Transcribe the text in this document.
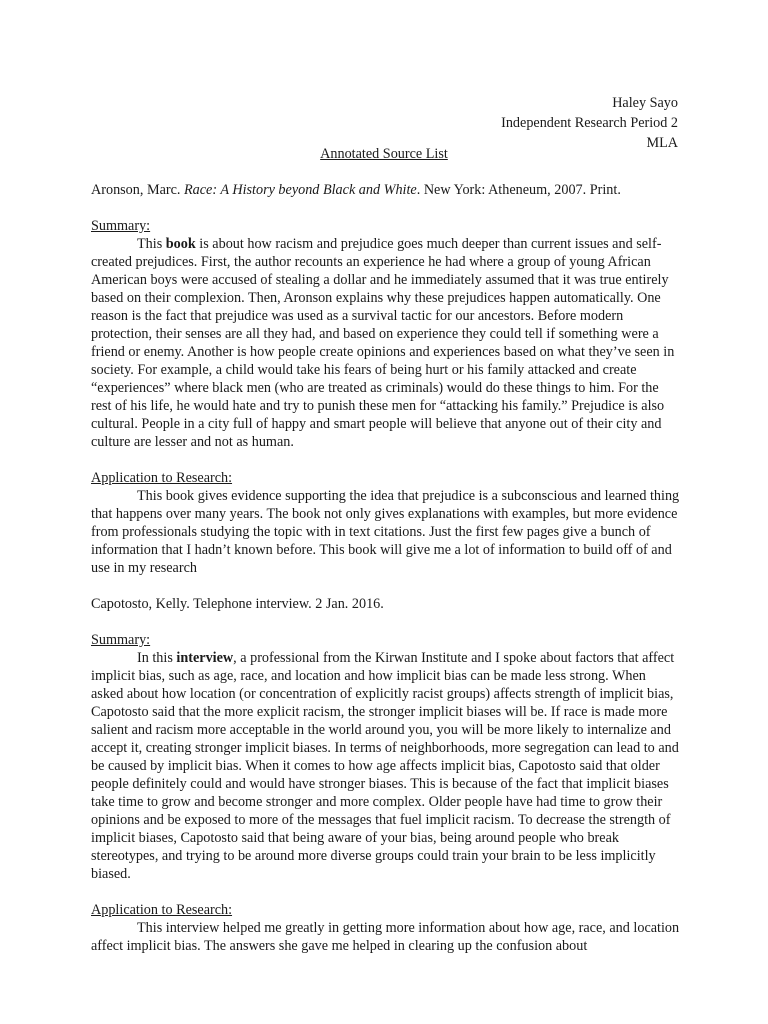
Haley Sayo
Independent Research Period 2
MLA
Annotated Source List

Aronson, Marc. Race: A History beyond Black and White. New York: Atheneum, 2007. Print.

Summary:

This book is about how racism and prejudice goes much deeper than current issues and self-created prejudices. First, the author recounts an experience he had where a group of young African American boys were accused of stealing a dollar and he immediately assumed that it was true entirely based on their complexion. Then, Aronson explains why these prejudices happen automatically. One reason is the fact that prejudice was used as a survival tactic for our ancestors. Before modern protection, their senses are all they had, and based on experience they could tell if something were a friend or enemy. Another is how people create opinions and experiences based on what they’ve seen in society. For example, a child would take his fears of being hurt or his family attacked and create “experiences” where black men (who are treated as criminals) would do these things to him. For the rest of his life, he would hate and try to punish these men for “attacking his family.” Prejudice is also cultural. People in a city full of happy and smart people will believe that anyone out of their city and culture are lesser and not as human.

Application to Research:

This book gives evidence supporting the idea that prejudice is a subconscious and learned thing that happens over many years. The book not only gives explanations with examples, but more evidence from professionals studying the topic with in text citations. Just the first few pages give a bunch of information that I hadn’t known before. This book will give me a lot of information to build off of and use in my research

Capotosto, Kelly. Telephone interview. 2 Jan. 2016.

Summary:

In this interview, a professional from the Kirwan Institute and I spoke about factors that affect implicit bias, such as age, race, and location and how implicit bias can be made less strong. When asked about how location (or concentration of explicitly racist groups) affects strength of implicit bias, Capotosto said that the more explicit racism, the stronger implicit biases will be. If race is made more salient and racism more acceptable in the world around you, you will be more likely to internalize and accept it, creating stronger implicit biases. In terms of neighborhoods, more segregation can lead to and be caused by implicit bias. When it comes to how age affects implicit bias, Capotosto said that older people definitely could and would have stronger biases. This is because of the fact that implicit biases take time to grow and become stronger and more complex. Older people have had time to grow their opinions and be exposed to more of the messages that fuel implicit racism. To decrease the strength of implicit biases, Capotosto said that being aware of your bias, being around people who break stereotypes, and trying to be around more diverse groups could train your brain to be less implicitly biased.

Application to Research:

This interview helped me greatly in getting more information about how age, race, and location affect implicit bias. The answers she gave me helped in clearing up the confusion about
